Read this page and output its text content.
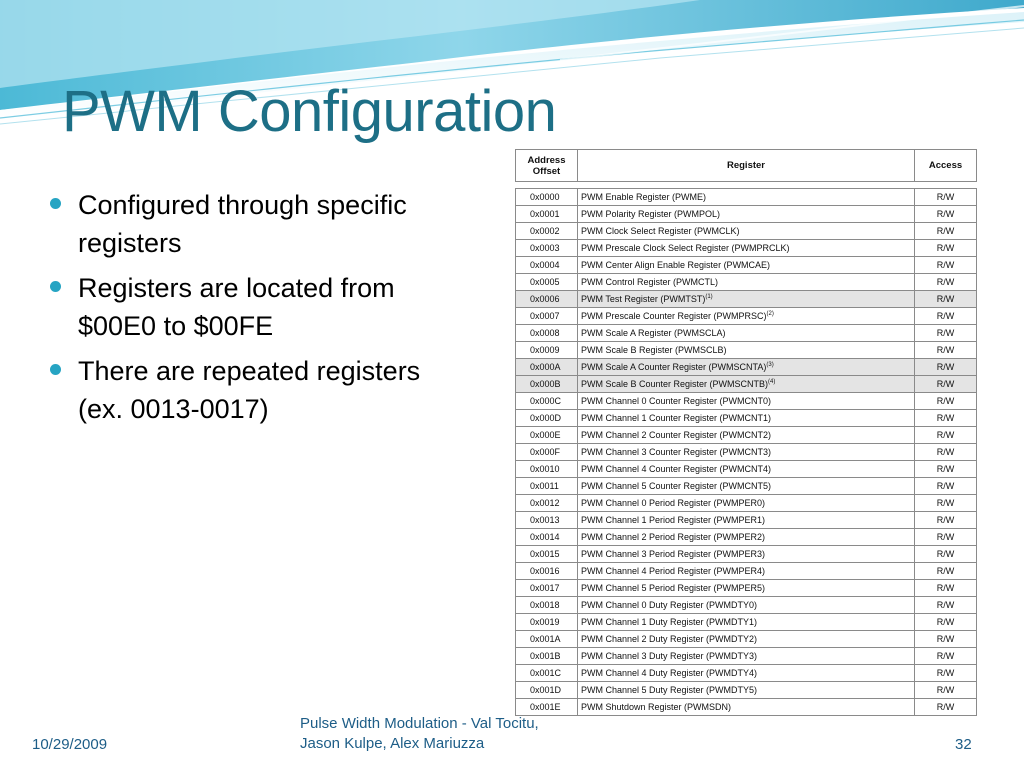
PWM Configuration
Configured through specific registers
Registers are located from $00E0 to $00FE
There are repeated registers (ex. 0013-0017)
Address Offset	Register	Access

0x0000	PWM Enable Register (PWME)	R/W
0x0001	PWM Polarity Register (PWMPOL)	R/W
0x0002	PWM Clock Select Register (PWMCLK)	R/W
0x0003	PWM Prescale Clock Select Register (PWMPRCLK)	R/W
0x0004	PWM Center Align Enable Register (PWMCAE)	R/W
0x0005	PWM Control Register (PWMCTL)	R/W
0x0006	PWM Test Register (PWMTST)$^{(1)}$	R/W
0x0007	PWM Prescale Counter Register (PWMPRSC)$^{(2)}$	R/W
0x0008	PWM Scale A Register (PWMSCLA)	R/W
0x0009	PWM Scale B Register (PWMSCLB)	R/W
0x000A	PWM Scale A Counter Register (PWMSCNTA)$^{(3)}$	R/W
0x000B	PWM Scale B Counter Register (PWMSCNTB)$^{(4)}$	R/W
0x000C	PWM Channel 0 Counter Register (PWMCNT0)	R/W
0x000D	PWM Channel 1 Counter Register (PWMCNT1)	R/W
0x000E	PWM Channel 2 Counter Register (PWMCNT2)	R/W
0x000F	PWM Channel 3 Counter Register (PWMCNT3)	R/W
0x0010	PWM Channel 4 Counter Register (PWMCNT4)	R/W
0x0011	PWM Channel 5 Counter Register (PWMCNT5)	R/W
0x0012	PWM Channel 0 Period Register (PWMPER0)	R/W
0x0013	PWM Channel 1 Period Register (PWMPER1)	R/W
0x0014	PWM Channel 2 Period Register (PWMPER2)	R/W
0x0015	PWM Channel 3 Period Register (PWMPER3)	R/W
0x0016	PWM Channel 4 Period Register (PWMPER4)	R/W
0x0017	PWM Channel 5 Period Register (PWMPER5)	R/W
0x0018	PWM Channel 0 Duty Register (PWMDTY0)	R/W
0x0019	PWM Channel 1 Duty Register (PWMDTY1)	R/W
0x001A	PWM Channel 2 Duty Register (PWMDTY2)	R/W
0x001B	PWM Channel 3 Duty Register (PWMDTY3)	R/W
0x001C	PWM Channel 4 Duty Register (PWMDTY4)	R/W
0x001D	PWM Channel 5 Duty Register (PWMDTY5)	R/W
0x001E	PWM Shutdown Register (PWMSDN)	R/W
10/29/2009
Pulse Width Modulation - Val Tocitu,
Jason Kulpe, Alex Mariuzza	32
